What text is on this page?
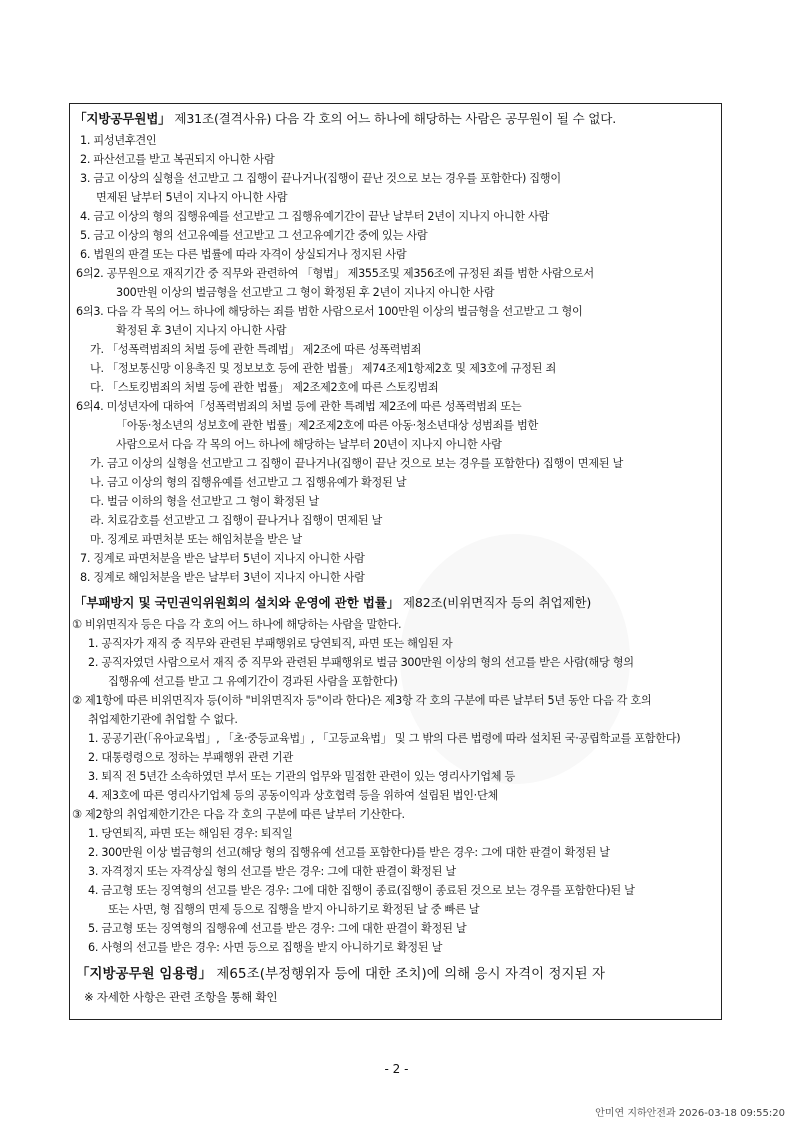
「지방공무원법」 제31조(결격사유) 다음 각 호의 어느 하나에 해당하는 사람은 공무원이 될 수 없다.
1. 피성년후견인
2. 파산선고를 받고 복권되지 아니한 사람
3. 금고 이상의 실형을 선고받고 그 집행이 끝나거나(집행이 끝난 것으로 보는 경우를 포함한다) 집행이
면제된 날부터 5년이 지나지 아니한 사람
4. 금고 이상의 형의 집행유예를 선고받고 그 집행유예기간이 끝난 날부터 2년이 지나지 아니한 사람
5. 금고 이상의 형의 선고유예를 선고받고 그 선고유예기간 중에 있는 사람
6. 법원의 판결 또는 다른 법률에 따라 자격이 상실되거나 정지된 사람
6의2. 공무원으로 재직기간 중 직무와 관련하여 「형법」 제355조및 제356조에 규정된 죄를 범한 사람으로서
300만원 이상의 벌금형을 선고받고 그 형이 확정된 후 2년이 지나지 아니한 사람
6의3. 다음 각 목의 어느 하나에 해당하는 죄를 범한 사람으로서 100만원 이상의 벌금형을 선고받고 그 형이
확정된 후 3년이 지나지 아니한 사람
가. 「성폭력범죄의 처벌 등에 관한 특례법」 제2조에 따른 성폭력범죄
나. 「정보통신망 이용촉진 및 정보보호 등에 관한 법률」 제74조제1항제2호 및 제3호에 규정된 죄
다. 「스토킹범죄의 처벌 등에 관한 법률」 제2조제2호에 따른 스토킹범죄
6의4. 미성년자에 대하여「성폭력범죄의 처벌 등에 관한 특례법 제2조에 따른 성폭력범죄 또는
「아동·청소년의 성보호에 관한 법률」제2조제2호에 따른 아동·청소년대상 성범죄를 범한
사람으로서 다음 각 목의 어느 하나에 해당하는 날부터 20년이 지나지 아니한 사람
가. 금고 이상의 실형을 선고받고 그 집행이 끝나거나(집행이 끝난 것으로 보는 경우를 포함한다) 집행이 면제된 날
나. 금고 이상의 형의 집행유예를 선고받고 그 집행유예가 확정된 날
다. 벌금 이하의 형을 선고받고 그 형이 확정된 날
라. 치료감호를 선고받고 그 집행이 끝나거나 집행이 면제된 날
마. 징계로 파면처분 또는 해임처분을 받은 날
7. 징계로 파면처분을 받은 날부터 5년이 지나지 아니한 사람
8. 징계로 해임처분을 받은 날부터 3년이 지나지 아니한 사람
「부패방지 및 국민권익위원회의 설치와 운영에 관한 법률」 제82조(비위면직자 등의 취업제한)
① 비위면직자 등은 다음 각 호의 어느 하나에 해당하는 사람을 말한다.
1. 공직자가 재직 중 직무와 관련된 부패행위로 당연퇴직, 파면 또는 해임된 자
2. 공직자였던 사람으로서 재직 중 직무와 관련된 부패행위로 벌금 300만원 이상의 형의 선고를 받은 사람(해당 형의
집행유예 선고를 받고 그 유예기간이 경과된 사람을 포함한다)
② 제1항에 따른 비위면직자 등(이하 "비위면직자 등"이라 한다)은 제3항 각 호의 구분에 따른 날부터 5년 동안 다음 각 호의
취업제한기관에 취업할 수 없다.
1. 공공기관(「유아교육법」, 「초·중등교육법」, 「고등교육법」 및 그 밖의 다른 법령에 따라 설치된 국·공립학교를 포함한다)
2. 대통령령으로 정하는 부패행위 관련 기관
3. 퇴직 전 5년간 소속하였던 부서 또는 기관의 업무와 밀접한 관련이 있는 영리사기업체 등
4. 제3호에 따른 영리사기업체 등의 공동이익과 상호협력 등을 위하여 설립된 법인·단체
③ 제2항의 취업제한기간은 다음 각 호의 구분에 따른 날부터 기산한다.
1. 당연퇴직, 파면 또는 해임된 경우: 퇴직일
2. 300만원 이상 벌금형의 선고(해당 형의 집행유예 선고를 포함한다)를 받은 경우: 그에 대한 판결이 확정된 날
3. 자격정지 또는 자격상실 형의 선고를 받은 경우: 그에 대한 판결이 확정된 날
4. 금고형 또는 징역형의 선고를 받은 경우: 그에 대한 집행이 종료(집행이 종료된 것으로 보는 경우를 포함한다)된 날
또는 사면, 형 집행의 면제 등으로 집행을 받지 아니하기로 확정된 날 중 빠른 날
5. 금고형 또는 징역형의 집행유예 선고를 받은 경우: 그에 대한 판결이 확정된 날
6. 사형의 선고를 받은 경우: 사면 등으로 집행을 받지 아니하기로 확정된 날
「지방공무원 임용령」 제65조(부정행위자 등에 대한 조치)에 의해 응시 자격이 정지된 자
※ 자세한 사항은 관련 조항을 통해 확인
- 2 -
안미연 지하안전과 2026-03-18 09:55:20
